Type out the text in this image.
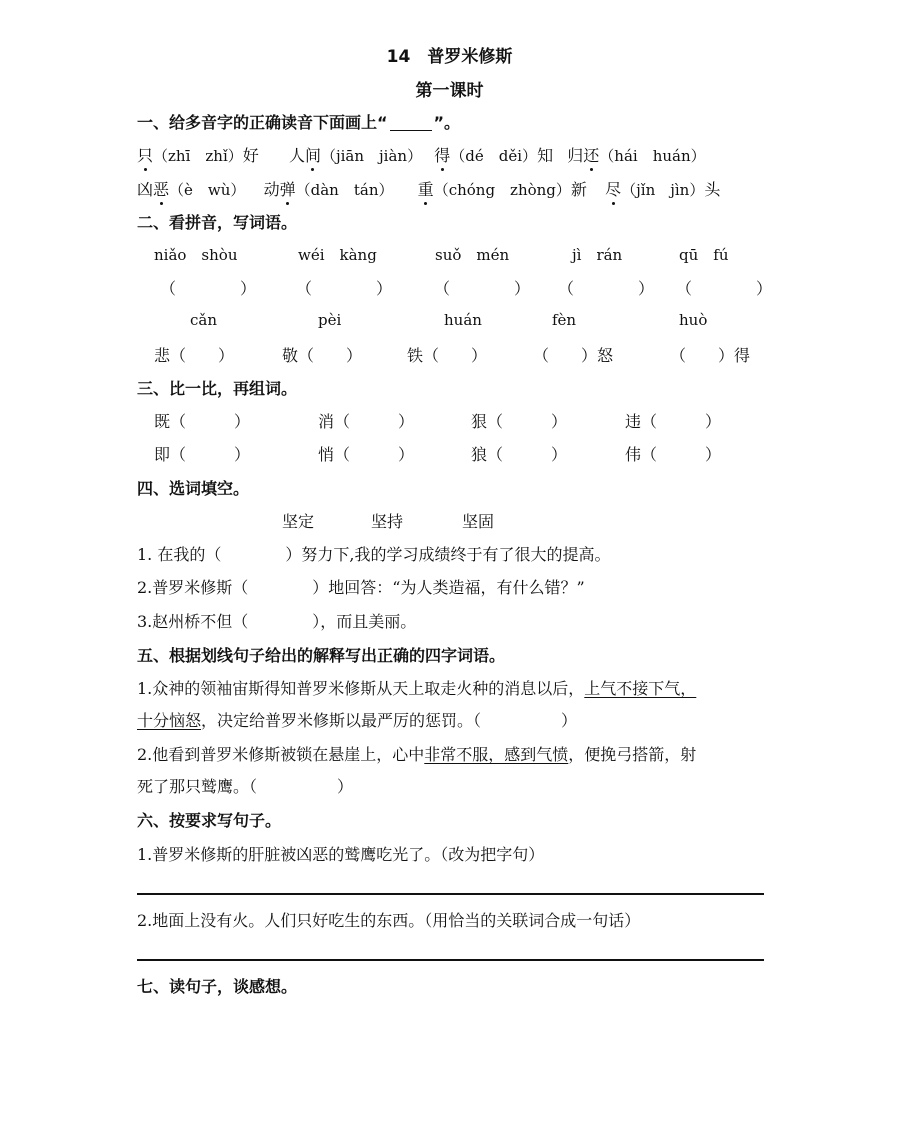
14　普罗米修斯
第一课时
一、给多音字的正确读音下面画上“	”。
只（zhī　zhǐ）好 人间（jiān　jiàn） 得（dé　děi）知 归还（hái　huán）
凶恶（è　wù） 动弹（dàn　tán） 重（chóng　zhòng）新 尽（jǐn　jìn）头
二、看拼音，写词语。
niǎo　shòu	wéi　kàng	suǒ　mén	jì　rán	qū　fú
（　　　　） （　　　　）	（　　　　） （　　　　） （　　　　）
cǎn	pèi	huán	fèn	huò
悲（　　）	敬（　　）	铁（　　）	（　　）怒	（　　）得
三、比一比，再组词。
既（　　　）	消（　　　）	狠（　　　）	违（　　　）
即（　　　）	悄（　　　）	狼（　　　）	伟（　　　）
四、选词填空。
坚定	坚持	坚固
1. 在我的（　　　　）努力下,我的学习成绩终于有了很大的提高。
2.普罗米修斯（　　　　）地回答：“为人类造福，有什么错？”
3.赵州桥不但（　　　　），而且美丽。
五、根据划线句子给出的解释写出正确的四字词语。
1.众神的领袖宙斯得知普罗米修斯从天上取走火种的消息以后，上气不接下气，
十分恼怒，决定给普罗米修斯以最严厉的惩罚。（　　　　　）
2.他看到普罗米修斯被锁在悬崖上，心中非常不服，感到气愤，便挽弓搭箭，射
死了那只鹫鹰。（　　　　　）
六、按要求写句子。
1.普罗米修斯的肝脏被凶恶的鹫鹰吃光了。（改为把字句）
2.地面上没有火。人们只好吃生的东西。（用恰当的关联词合成一句话）
七、读句子，谈感想。
